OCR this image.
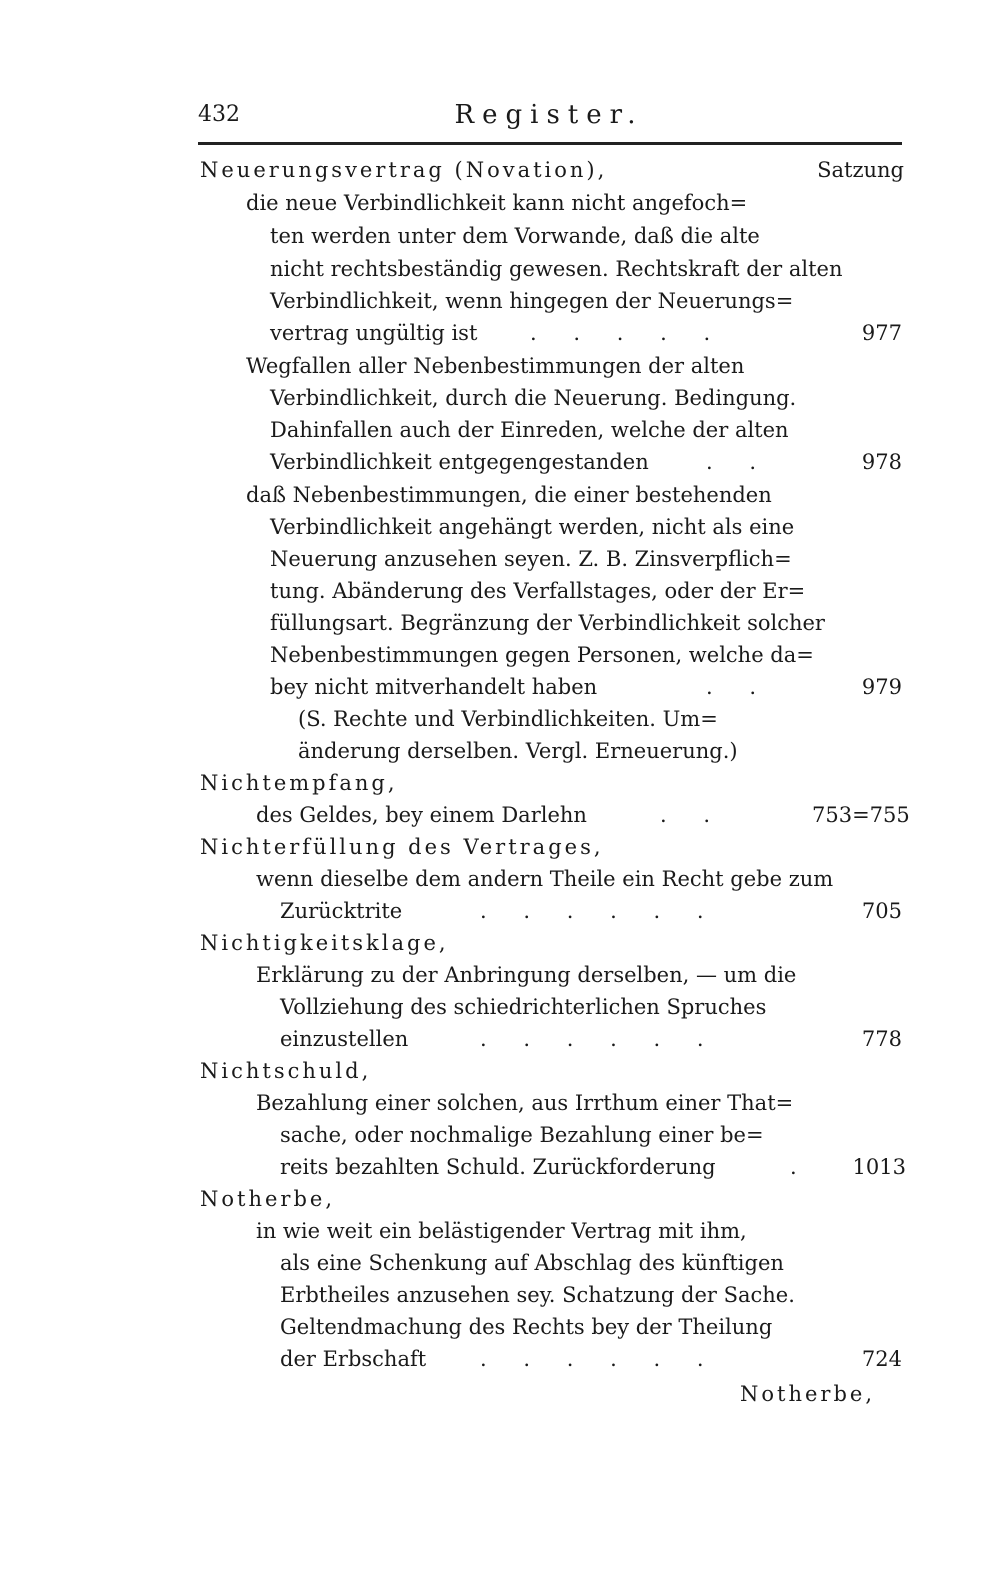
432	Register.
Neuerungsvertrag (Novation),	Satzung
die neue Verbindlichkeit kann nicht angefoch=
ten werden unter dem Vorwande, daß die alte
nicht rechtsbeständig gewesen. Rechtskraft der alten
Verbindlichkeit, wenn hingegen der Neuerungs=
vertrag ungültig ist	.    .    .    .    .	977
Wegfallen aller Nebenbestimmungen der alten
Verbindlichkeit, durch die Neuerung. Bedingung.
Dahinfallen auch der Einreden, welche der alten
Verbindlichkeit entgegengestanden	.    .	978
daß Nebenbestimmungen, die einer bestehenden
Verbindlichkeit angehängt werden, nicht als eine
Neuerung anzusehen seyen. Z. B. Zinsverpflich=
tung. Abänderung des Verfallstages, oder der Er=
füllungsart. Begränzung der Verbindlichkeit solcher
Nebenbestimmungen gegen Personen, welche da=
bey nicht mitverhandelt haben	.    .	979
(S. Rechte und Verbindlichkeiten. Um=
änderung derselben. Vergl. Erneuerung.)
Nichtempfang,
des Geldes, bey einem Darlehn	.    .	753=755
Nichterfüllung des Vertrages,
wenn dieselbe dem andern Theile ein Recht gebe zum
Zurücktrite	.    .    .    .    .    .	705
Nichtigkeitsklage,
Erklärung zu der Anbringung derselben, — um die
Vollziehung des schiedrichterlichen Spruches
einzustellen	.    .    .    .    .    .	778
Nichtschuld,
Bezahlung einer solchen, aus Irrthum einer That=
sache, oder nochmalige Bezahlung einer be=
reits bezahlten Schuld. Zurückforderung	.	1013
Notherbe,
in wie weit ein belästigender Vertrag mit ihm,
als eine Schenkung auf Abschlag des künftigen
Erbtheiles anzusehen sey. Schatzung der Sache.
Geltendmachung des Rechts bey der Theilung
der Erbschaft	.    .    .    .    .    .	724
Notherbe,
